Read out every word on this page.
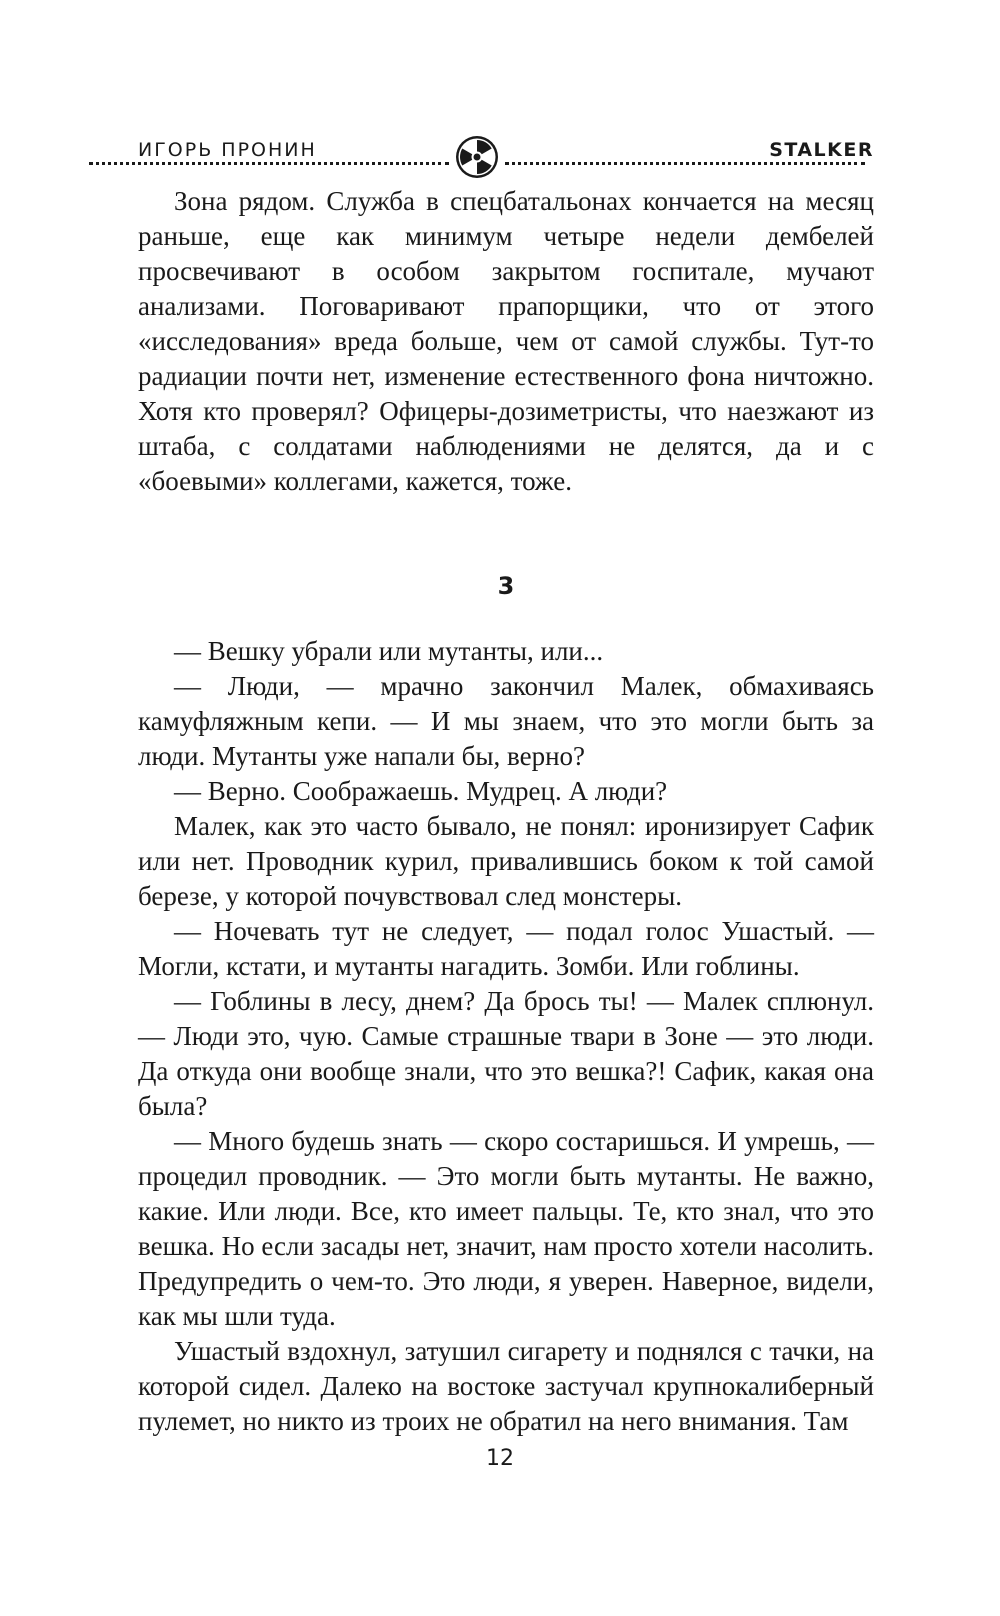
ИГОРЬ ПРОНИН	STALKER

Зона рядом. Служба в спецбатальонах кончается на месяц раньше, еще как минимум четыре недели дембелей просвечивают в особом закрытом госпитале, мучают анализами. Поговаривают прапорщики, что от этого «исследования» вреда больше, чем от самой службы. Тут-то радиации почти нет, изменение естественного фона ничтожно. Хотя кто проверял? Офицеры-дозиметристы, что наезжают из штаба, с солдатами наблюдениями не делятся, да и с «боевыми» коллегами, кажется, тоже.

3

— Вешку убрали или мутанты, или...

— Люди, — мрачно закончил Малек, обмахиваясь камуфляжным кепи. — И мы знаем, что это могли быть за люди. Мутанты уже напали бы, верно?

— Верно. Соображаешь. Мудрец. А люди?

Малек, как это часто бывало, не понял: иронизирует Сафик или нет. Проводник курил, привалившись боком к той самой березе, у которой почувствовал след монстеры.

— Ночевать тут не следует, — подал голос Ушастый. — Могли, кстати, и мутанты нагадить. Зомби. Или гоблины.

— Гоблины в лесу, днем? Да брось ты! — Малек сплюнул. — Люди это, чую. Самые страшные твари в Зоне — это люди. Да откуда они вообще знали, что это вешка?! Сафик, какая она была?

— Много будешь знать — скоро состаришься. И умрешь, — процедил проводник. — Это могли быть мутанты. Не важно, какие. Или люди. Все, кто имеет пальцы. Те, кто знал, что это вешка. Но если засады нет, значит, нам просто хотели насолить. Предупредить о чем-то. Это люди, я уверен. Наверное, видели, как мы шли туда.

Ушастый вздохнул, затушил сигарету и поднялся с тачки, на которой сидел. Далеко на востоке застучал крупнокалиберный пулемет, но никто из троих не обратил на него внимания. Там

12
